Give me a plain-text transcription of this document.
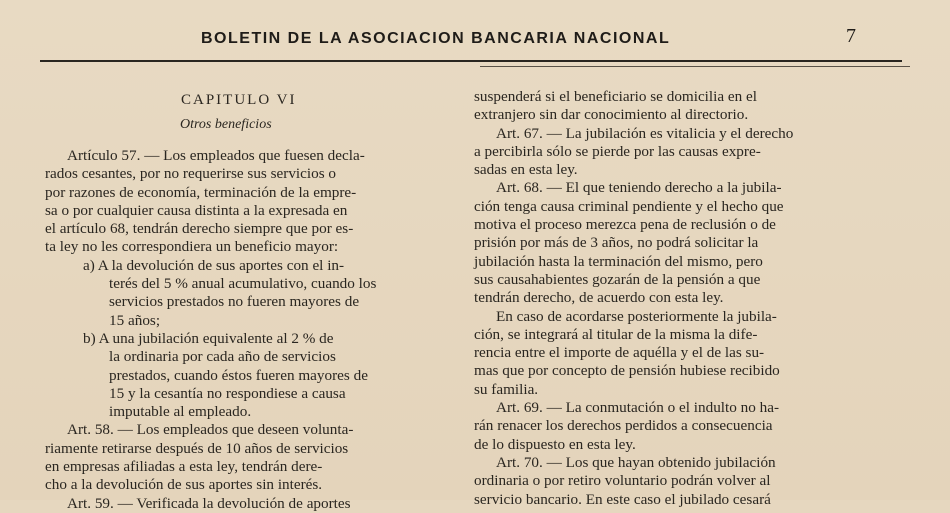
BOLETIN DE LA ASOCIACION BANCARIA NACIONAL	7
CAPITULO VI
Otros beneficios
Artículo 57. — Los empleados que fuesen decla-
rados cesantes, por no requerirse sus servicios o
por razones de economía, terminación de la empre-
sa o por cualquier causa distinta a la expresada en
el artículo 68, tendrán derecho siempre que por es-
ta ley no les correspondiera un beneficio mayor:
a) A la devolución de sus aportes con el in-
terés del 5 % anual acumulativo, cuando los
servicios prestados no fueren mayores de
15 años;
b) A una jubilación equivalente al 2 % de
la ordinaria por cada año de servicios
prestados, cuando éstos fueren mayores de
15 y la cesantía no respondiese a causa
imputable al empleado.
Art. 58. — Los empleados que deseen volunta-
riamente retirarse después de 10 años de servicios
en empresas afiliadas a esta ley, tendrán dere-
cho a la devolución de sus aportes sin interés.
Art. 59. — Verificada la devolución de aportes
suspenderá si el beneficiario se domicilia en el
extranjero sin dar conocimiento al directorio.
Art. 67. — La jubilación es vitalicia y el derecho
a percibirla sólo se pierde por las causas expre-
sadas en esta ley.
Art. 68. — El que teniendo derecho a la jubila-
ción tenga causa criminal pendiente y el hecho que
motiva el proceso merezca pena de reclusión o de
prisión por más de 3 años, no podrá solicitar la
jubilación hasta la terminación del mismo, pero
sus causahabientes gozarán de la pensión a que
tendrán derecho, de acuerdo con esta ley.
En caso de acordarse posteriormente la jubila-
ción, se integrará al titular de la misma la dife-
rencia entre el importe de aquélla y el de las su-
mas que por concepto de pensión hubiese recibido
su familia.
Art. 69. — La conmutación o el indulto no ha-
rán renacer los derechos perdidos a consecuencia
de lo dispuesto en esta ley.
Art. 70. — Los que hayan obtenido jubilación
ordinaria o por retiro voluntario podrán volver al
servicio bancario. En este caso el jubilado cesará
